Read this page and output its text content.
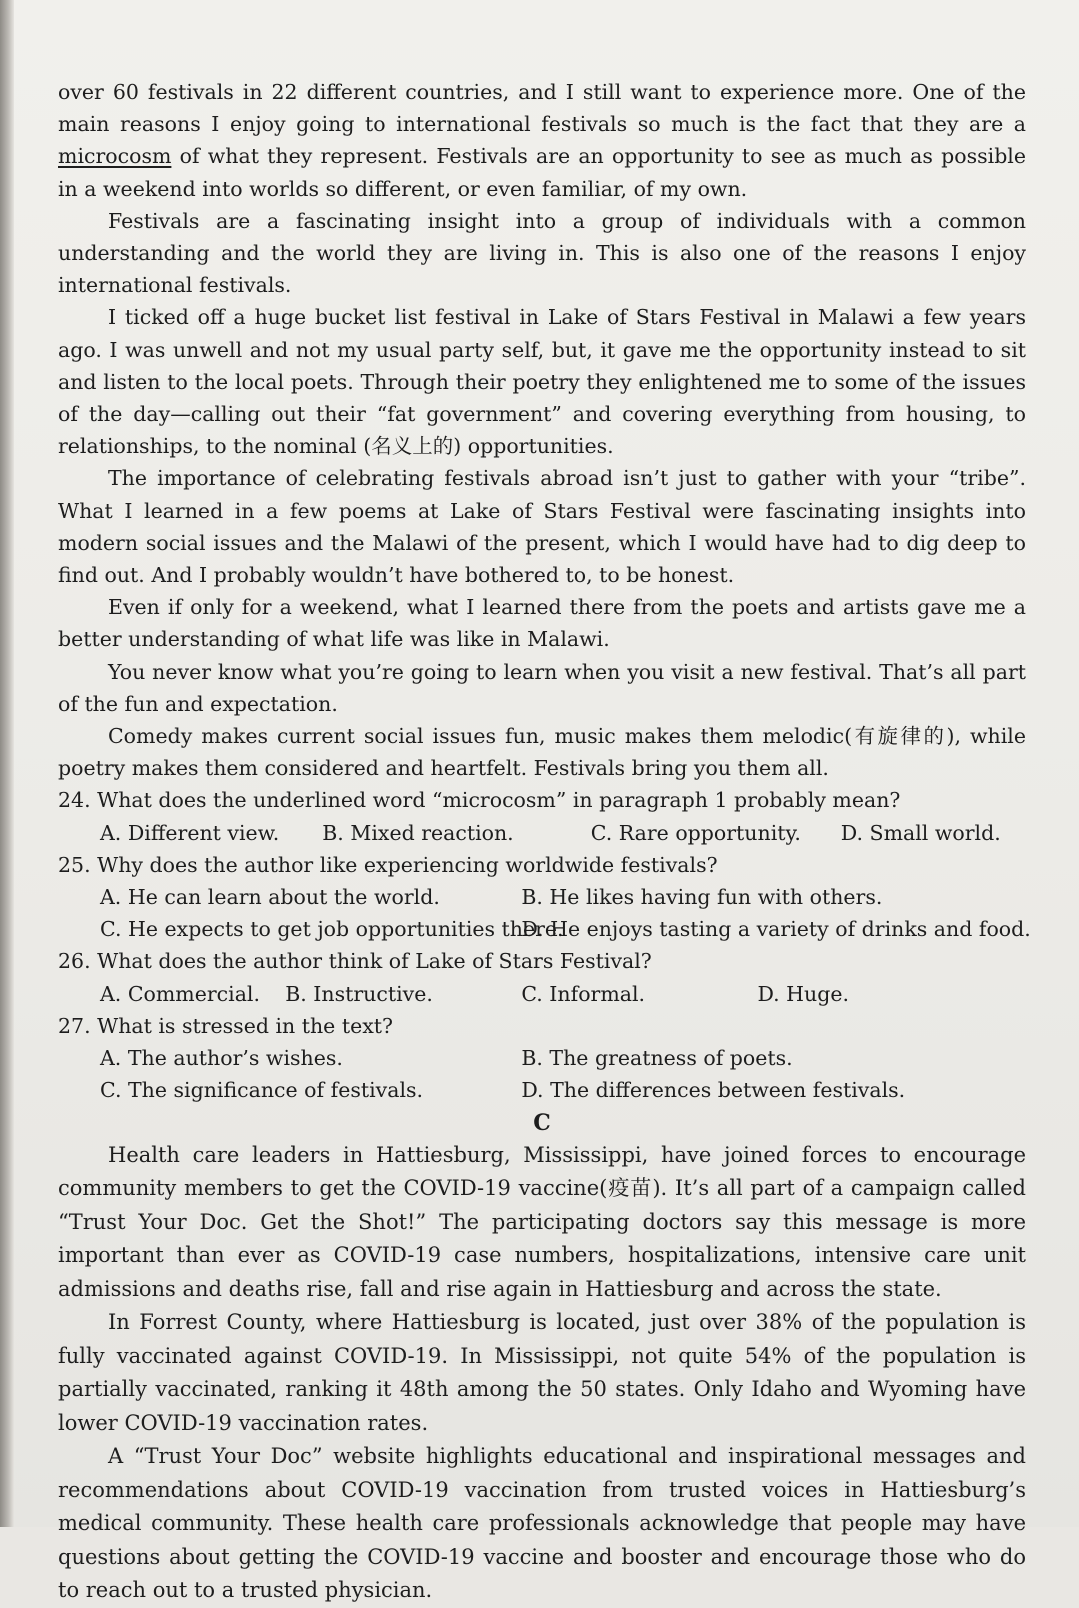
over 60 festivals in 22 different countries, and I still want to experience more. One of the main reasons I enjoy going to international festivals so much is the fact that they are a microcosm of what they represent. Festivals are an opportunity to see as much as possible in a weekend into worlds so different, or even familiar, of my own.

Festivals are a fascinating insight into a group of individuals with a common understanding and the world they are living in. This is also one of the reasons I enjoy international festivals.

I ticked off a huge bucket list festival in Lake of Stars Festival in Malawi a few years ago. I was unwell and not my usual party self, but, it gave me the opportunity instead to sit and listen to the local poets. Through their poetry they enlightened me to some of the issues of the day—calling out their “fat government” and covering everything from housing, to relationships, to the nominal (名义上的) opportunities.

The importance of celebrating festivals abroad isn’t just to gather with your “tribe”. What I learned in a few poems at Lake of Stars Festival were fascinating insights into modern social issues and the Malawi of the present, which I would have had to dig deep to find out. And I probably wouldn’t have bothered to, to be honest.

Even if only for a weekend, what I learned there from the poets and artists gave me a better understanding of what life was like in Malawi.

You never know what you’re going to learn when you visit a new festival. That’s all part of the fun and expectation.

Comedy makes current social issues fun, music makes them melodic(有旋律的), while poetry makes them considered and heartfelt. Festivals bring you them all.

24. What does the underlined word “microcosm” in paragraph 1 probably mean?

A. Different view.	B. Mixed reaction.	C. Rare opportunity.	D. Small world.

25. Why does the author like experiencing worldwide festivals?

A. He can learn about the world.	B. He likes having fun with others.
C. He expects to get job opportunities there.
D. He enjoys tasting a variety of drinks and food.

26. What does the author think of Lake of Stars Festival?

A. Commercial.	B. Instructive.	C. Informal.	D. Huge.

27. What is stressed in the text?

A. The author’s wishes.	B. The greatness of poets.
C. The significance of festivals.	D. The differences between festivals.

C

Health care leaders in Hattiesburg, Mississippi, have joined forces to encourage community members to get the COVID-19 vaccine(疫苗). It’s all part of a campaign called “Trust Your Doc. Get the Shot!” The participating doctors say this message is more important than ever as COVID-19 case numbers, hospitalizations, intensive care unit admissions and deaths rise, fall and rise again in Hattiesburg and across the state.

In Forrest County, where Hattiesburg is located, just over 38% of the population is fully vaccinated against COVID-19. In Mississippi, not quite 54% of the population is partially vaccinated, ranking it 48th among the 50 states. Only Idaho and Wyoming have lower COVID-19 vaccination rates.

A “Trust Your Doc” website highlights educational and inspirational messages and recommendations about COVID-19 vaccination from trusted voices in Hattiesburg’s medical community. These health care professionals acknowledge that people may have questions about getting the COVID-19 vaccine and booster and encourage those who do to reach out to a trusted physician.
